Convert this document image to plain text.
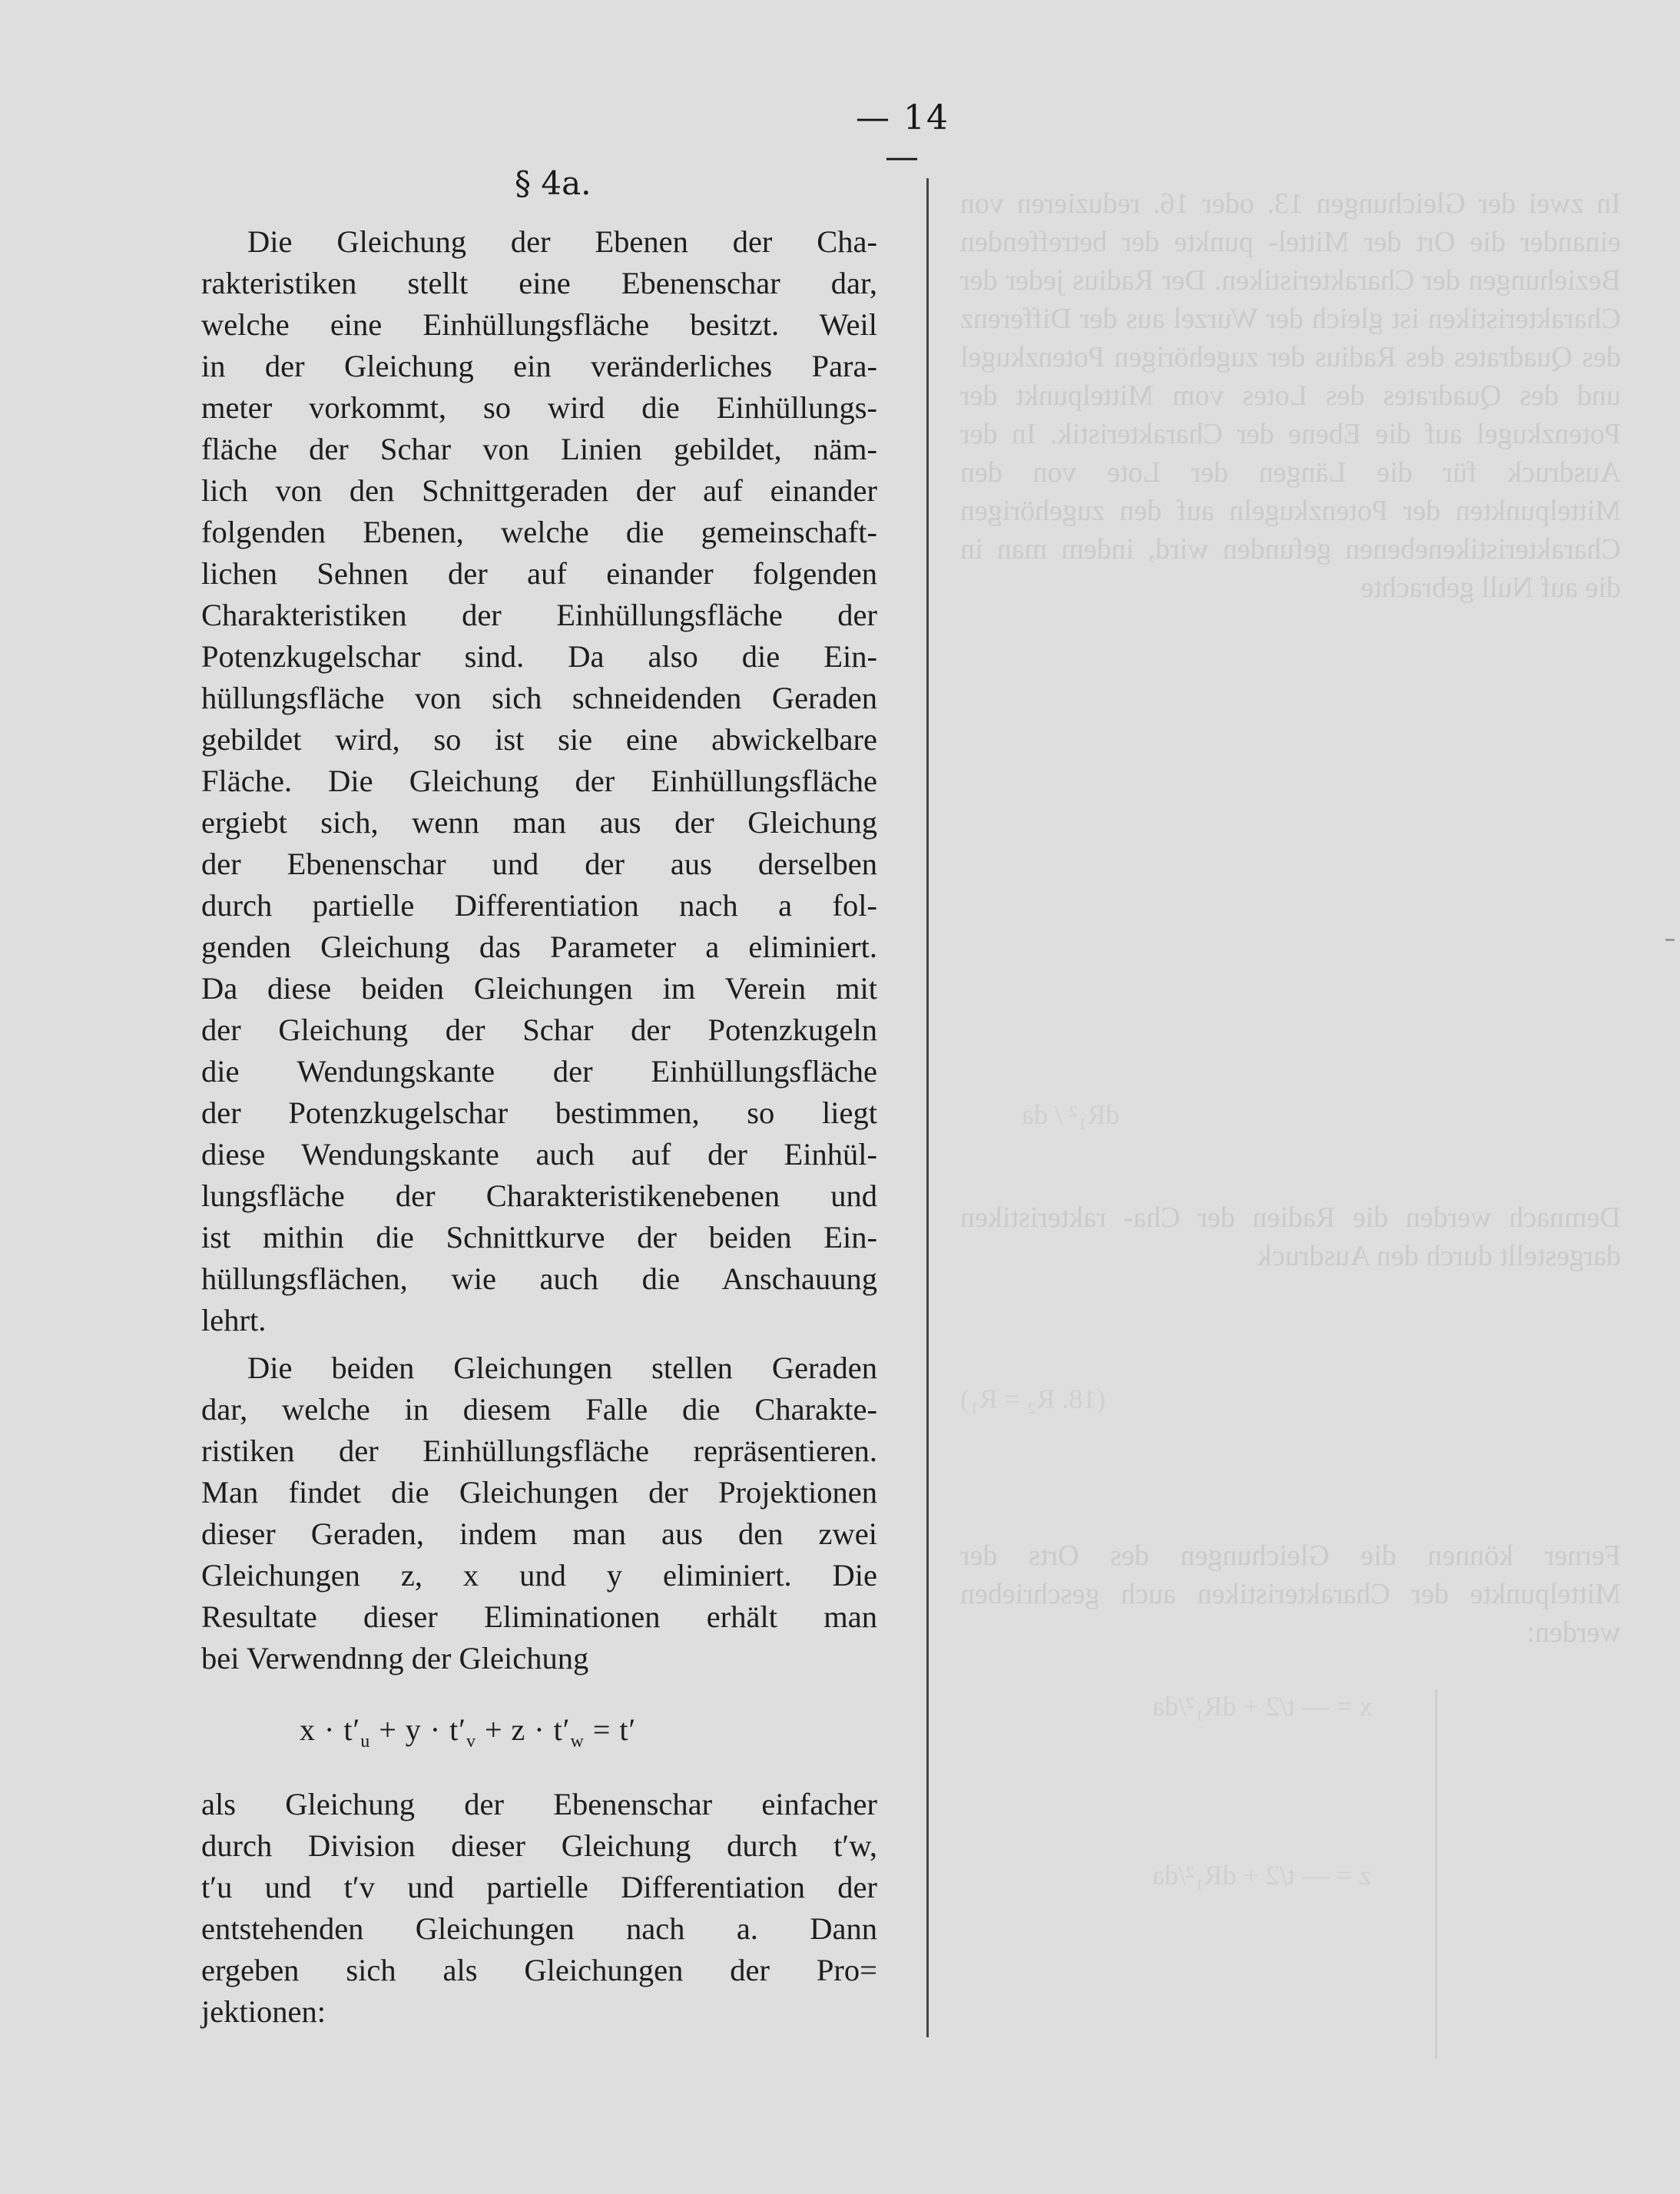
— 14 —
§ 4a.
Die Gleichung der Ebenen der Cha-
rakteristiken stellt eine Ebenenschar dar,
welche eine Einhüllungsfläche besitzt. Weil
in der Gleichung ein veränderliches Para-
meter vorkommt, so wird die Einhüllungs-
fläche der Schar von Linien gebildet, näm-
lich von den Schnittgeraden der auf einander
folgenden Ebenen, welche die gemeinschaft-
lichen Sehnen der auf einander folgenden
Charakteristiken der Einhüllungsfläche der
Potenzkugelschar sind. Da also die Ein-
hüllungsfläche von sich schneidenden Geraden
gebildet wird, so ist sie eine abwickelbare
Fläche. Die Gleichung der Einhüllungsfläche
ergiebt sich, wenn man aus der Gleichung
der Ebenenschar und der aus derselben
durch partielle Differentiation nach a fol-
genden Gleichung das Parameter a eliminiert.
Da diese beiden Gleichungen im Verein mit
der Gleichung der Schar der Potenzkugeln
die Wendungskante der Einhüllungsfläche
der Potenzkugelschar bestimmen, so liegt
diese Wendungskante auch auf der Einhül-
lungsfläche der Charakteristikenebenen und
ist mithin die Schnittkurve der beiden Ein-
hüllungsflächen, wie auch die Anschauung
lehrt.
Die beiden Gleichungen stellen Geraden
dar, welche in diesem Falle die Charakte-
ristiken der Einhüllungsfläche repräsentieren.
Man findet die Gleichungen der Projektionen
dieser Geraden, indem man aus den zwei
Gleichungen z, x und y eliminiert. Die
Resultate dieser Eliminationen erhält man
bei Verwendnng der Gleichung
$x \cdot t'_u + y \cdot t'_v + z \cdot t'_w = t'$
als Gleichung der Ebenenschar einfacher
durch Division dieser Gleichung durch t′w,
t′u und t′v und partielle Differentiation der
entstehenden Gleichungen nach a. Dann
ergeben sich als Gleichungen der Pro=
jektionen:
In zwei der Gleichungen 13. oder 16. reduzieren von einander die Ort der Mittel- punkte der betreffenden Beziehungen der Charakteristiken. Der Radius jeder der Charakteristiken ist gleich der Wurzel aus der Differenz des Quadrates des Radius der zugehörigen Potenzkugel und des Quadrates des Lotes vom Mittelpunkt der Potenzkugel auf die Ebene der Charakteristik. In der Ausdruck für die Längen der Lote von den Mittelpunkten der Potenzkugeln auf den zugehörigen Charakteristikenebenen gefunden wird, indem man in die auf Null gebrachte
Demnach werden die Radien der Cha- rakteristiken dargestellt durch den Ausdruck
Ferner können die Gleichungen des Orts der Mittelpunkte der Charakteristiken auch geschrieben werden:
dR₁² / da
(18. R₂ = R₁)
x = — t/2 + dR₁²/da
z = — t/2 + dR₁²/da
